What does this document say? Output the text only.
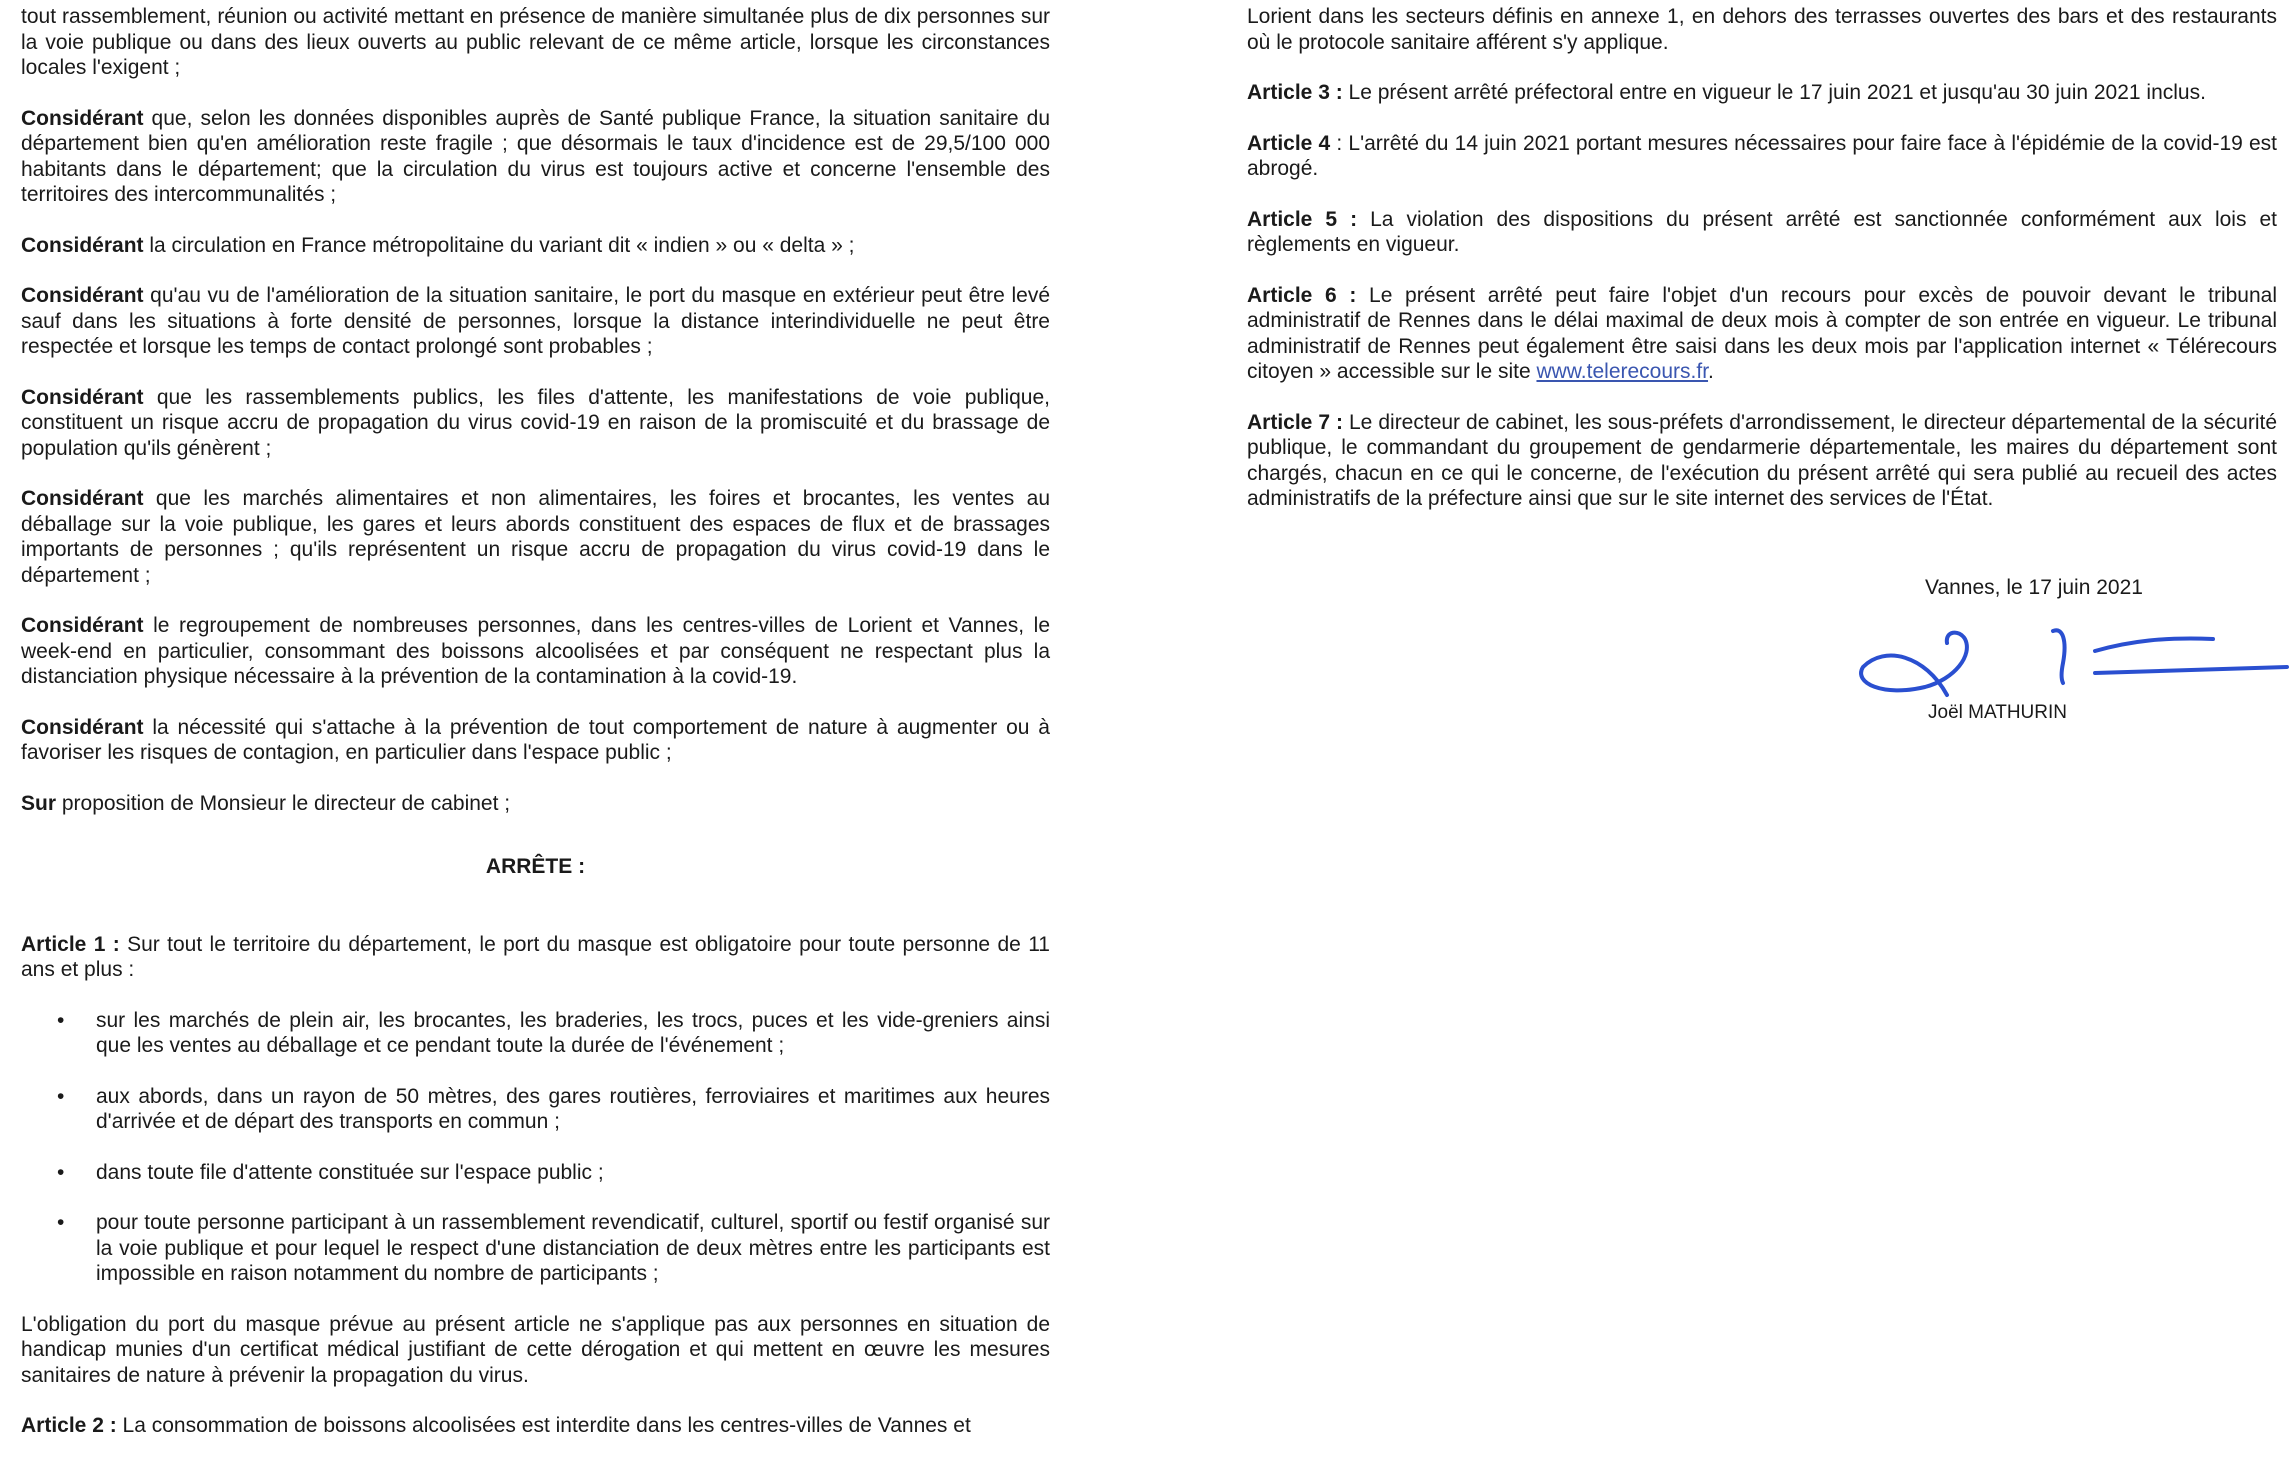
tout rassemblement, réunion ou activité mettant en présence de manière simultanée plus de dix personnes sur la voie publique ou dans des lieux ouverts au public relevant de ce même article, lorsque les circonstances locales l'exigent ;

Considérant que, selon les données disponibles auprès de Santé publique France, la situation sanitaire du département bien qu'en amélioration reste fragile ; que désormais le taux d'incidence est de 29,5/100 000 habitants dans le département; que la circulation du virus est toujours active et concerne l'ensemble des territoires des intercommunalités ;

Considérant la circulation en France métropolitaine du variant dit « indien » ou « delta » ;

Considérant qu'au vu de l'amélioration de la situation sanitaire, le port du masque en extérieur peut être levé sauf dans les situations à forte densité de personnes, lorsque la distance interindividuelle ne peut être respectée et lorsque les temps de contact prolongé sont probables ;

Considérant que les rassemblements publics, les files d'attente, les manifestations de voie publique, constituent un risque accru de propagation du virus covid-19 en raison de la promiscuité et du brassage de population qu'ils génèrent ;

Considérant que les marchés alimentaires et non alimentaires, les foires et brocantes, les ventes au déballage sur la voie publique, les gares et leurs abords constituent des espaces de flux et de brassages importants de personnes ; qu'ils représentent un risque accru de propagation du virus covid-19 dans le département ;

Considérant le regroupement de nombreuses personnes, dans les centres-villes de Lorient et Vannes, le week-end en particulier, consommant des boissons alcoolisées et par conséquent ne respectant plus la distanciation physique nécessaire à la prévention de la contamination à la covid-19.

Considérant la nécessité qui s'attache à la prévention de tout comportement de nature à augmenter ou à favoriser les risques de contagion, en particulier dans l'espace public ;

Sur proposition de Monsieur le directeur de cabinet ;

ARRÊTE :

Article 1 : Sur tout le territoire du département, le port du masque est obligatoire pour toute personne de 11 ans et plus :

• sur les marchés de plein air, les brocantes, les braderies, les trocs, puces et les vide-greniers ainsi que les ventes au déballage et ce pendant toute la durée de l'événement ;
• aux abords, dans un rayon de 50 mètres, des gares routières, ferroviaires et maritimes aux heures d'arrivée et de départ des transports en commun ;
• dans toute file d'attente constituée sur l'espace public ;
• pour toute personne participant à un rassemblement revendicatif, culturel, sportif ou festif organisé sur la voie publique et pour lequel le respect d'une distanciation de deux mètres entre les participants est impossible en raison notamment du nombre de participants ;

L'obligation du port du masque prévue au présent article ne s'applique pas aux personnes en situation de handicap munies d'un certificat médical justifiant de cette dérogation et qui mettent en œuvre les mesures sanitaires de nature à prévenir la propagation du virus.

Article 2 : La consommation de boissons alcoolisées est interdite dans les centres-villes de Vannes et

Lorient dans les secteurs définis en annexe 1, en dehors des terrasses ouvertes des bars et des restaurants où le protocole sanitaire afférent s'y applique.

Article 3 : Le présent arrêté préfectoral entre en vigueur le 17 juin 2021 et jusqu'au 30 juin 2021 inclus.

Article 4 : L'arrêté du 14 juin 2021 portant mesures nécessaires pour faire face à l'épidémie de la covid-19 est abrogé.

Article 5 : La violation des dispositions du présent arrêté est sanctionnée conformément aux lois et règlements en vigueur.

Article 6 : Le présent arrêté peut faire l'objet d'un recours pour excès de pouvoir devant le tribunal administratif de Rennes dans le délai maximal de deux mois à compter de son entrée en vigueur. Le tribunal administratif de Rennes peut également être saisi dans les deux mois par l'application internet « Télérecours citoyen » accessible sur le site www.telerecours.fr.

Article 7 : Le directeur de cabinet, les sous-préfets d'arrondissement, le directeur départemental de la sécurité publique, le commandant du groupement de gendarmerie départementale, les maires du département sont chargés, chacun en ce qui le concerne, de l'exécution du présent arrêté qui sera publié au recueil des actes administratifs de la préfecture ainsi que sur le site internet des services de l'État.

Vannes, le 17 juin 2021
Joël MATHURIN
